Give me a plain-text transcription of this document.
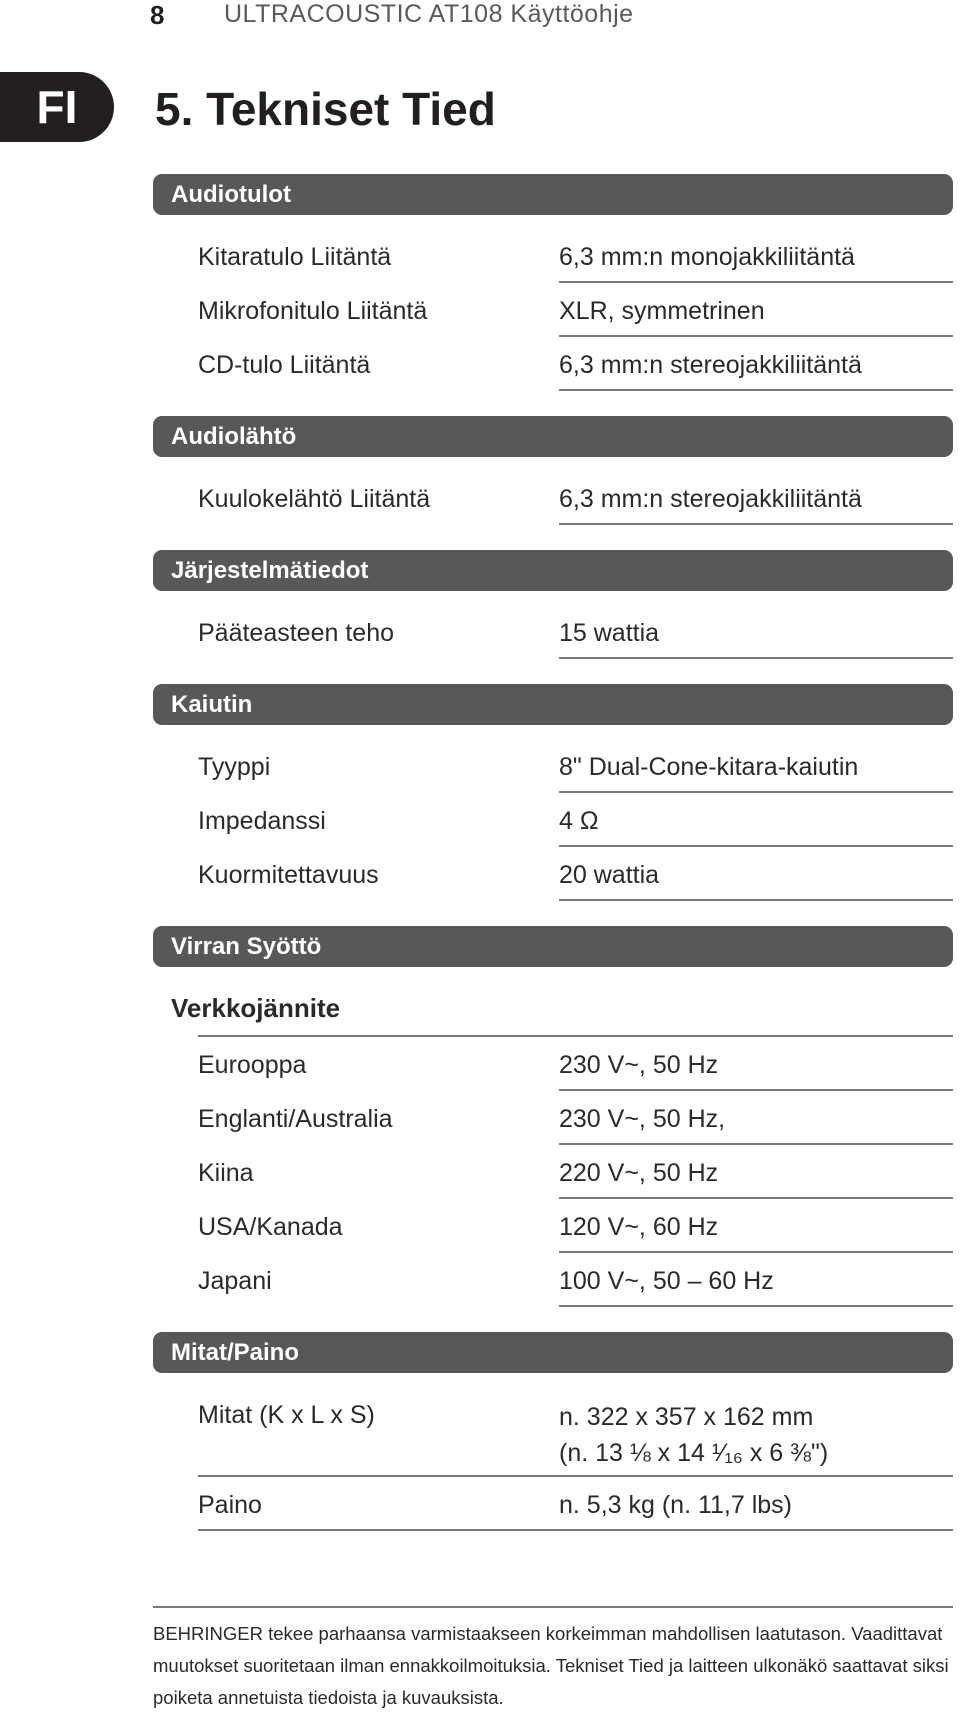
8 ULTRACOUSTIC AT108 Käyttöohje
FI	5. Tekniset Tied
Audiotulot
Kitaratulo Liitäntä	6,3 mm:n monojakkiliitäntä
Mikrofonitulo Liitäntä	XLR, symmetrinen
CD-tulo Liitäntä	6,3 mm:n stereojakkiliitäntä
Audiolähtö
Kuulokelähtö Liitäntä	6,3 mm:n stereojakkiliitäntä
Järjestelmätiedot
Pääteasteen teho	15 wattia
Kaiutin
Tyyppi	8" Dual-Cone-kitara-kaiutin
Impedanssi	4 Ω
Kuormitettavuus	20 wattia
Virran Syöttö
Verkkojännite
Eurooppa	230 V~, 50 Hz
Englanti/Australia	230 V~, 50 Hz,
Kiina	220 V~, 50 Hz
USA/Kanada	120 V~, 60 Hz
Japani	100 V~, 50 – 60 Hz
Mitat/Paino
Mitat (K x L x S)	n. 322 x 357 x 162 mm
(n. 13 ⅛ x 14 ¹⁄₁₆ x 6 ⅜")
Paino	n. 5,3 kg (n. 11,7 lbs)
BEHRINGER tekee parhaansa varmistaakseen korkeimman mahdollisen laatutason. Vaadittavat muutokset suoritetaan ilman ennakkoilmoituksia. Tekniset Tied ja laitteen ulkonäkö saattavat siksi poiketa annetuista tiedoista ja kuvauksista.
